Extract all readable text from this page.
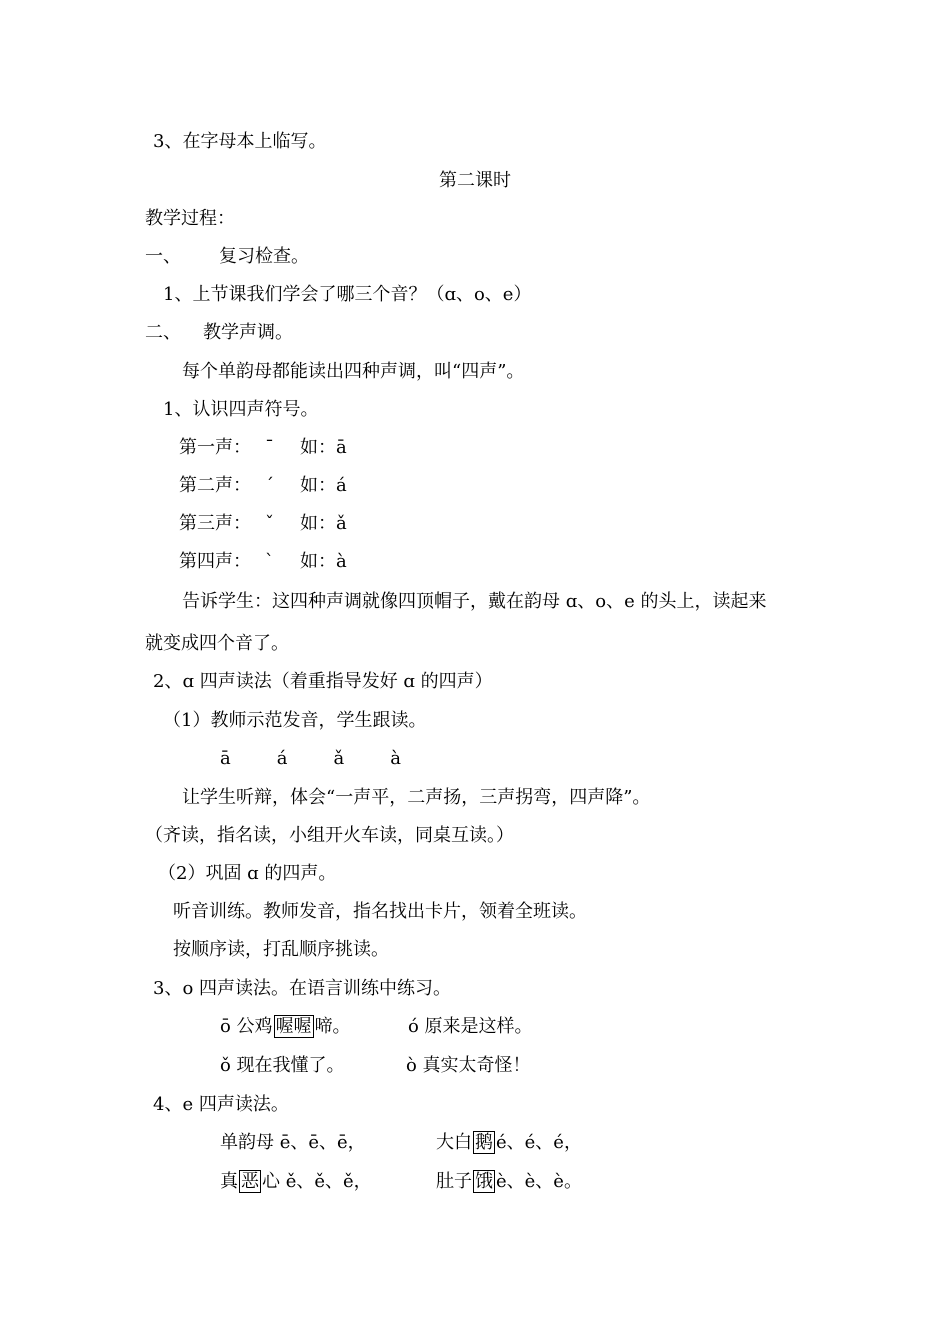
3、在字母本上临写。
第二课时
教学过程：
一、 复习检查。
1、上节课我们学会了哪三个音？（ɑ、o、e）
二、 教学声调。
每个单韵母都能读出四种声调，叫“四声”。
1、认识四声符号。
第一声： ˉ 如：ā
第二声： ˊ 如：á
第三声： ˇ 如：ǎ
第四声： ˋ 如：à
告诉学生：这四种声调就像四顶帽子，戴在韵母 ɑ、o、e 的头上，读起来
就变成四个音了。
2、ɑ 四声读法（着重指导发好 ɑ 的四声）
（1）教师示范发音，学生跟读。
ā	á	ǎ	à
让学生听辩，体会“一声平，二声扬，三声拐弯，四声降”。
（齐读，指名读，小组开火车读，同桌互读。）
（2）巩固 ɑ 的四声。
听音训练。教师发音，指名找出卡片，领着全班读。
按顺序读，打乱顺序挑读。
3、o 四声读法。在语言训练中练习。
ō 公鸡 喔喔 啼。	ó 原来是这样。
ǒ 现在我懂了。	ò 真实太奇怪！
4、e 四声读法。
单韵母 ē、ē、ē，	大白 鹅 é、é、é，
真 恶 心 ě、ě、ě，	肚子 饿 è、è、è。
